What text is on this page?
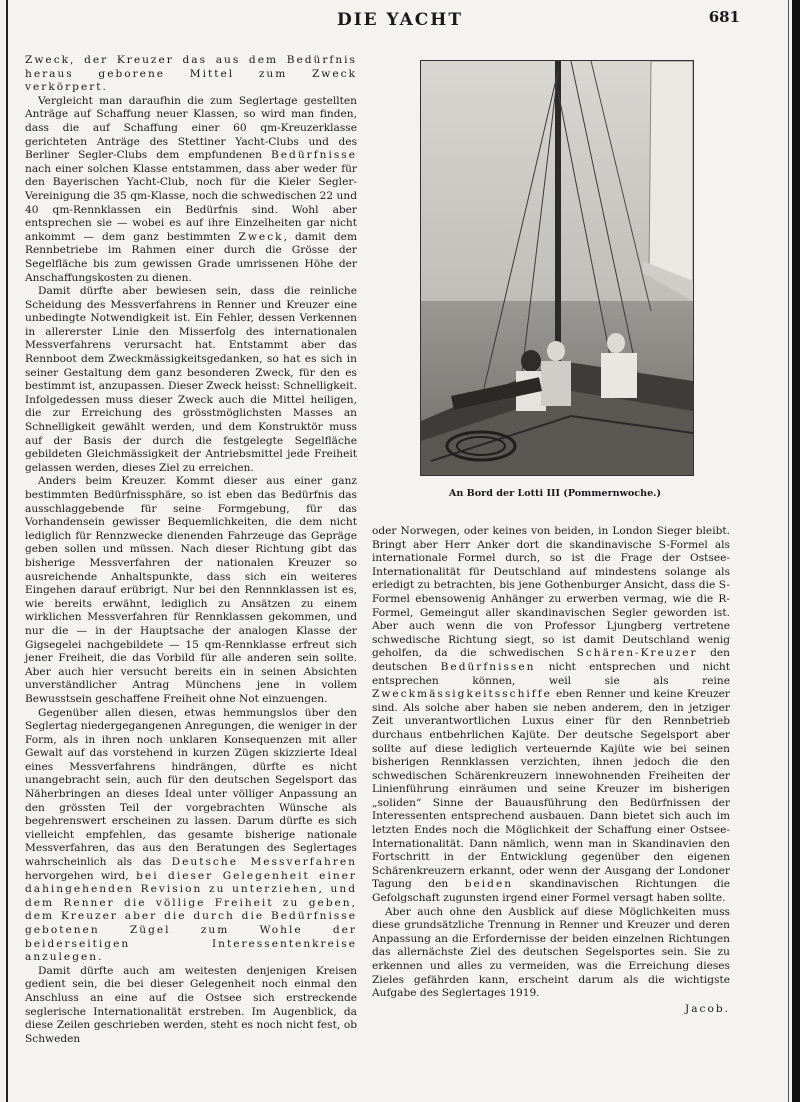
DIE YACHT	681

Zweck, der Kreuzer das aus dem Bedürfnis heraus geborene Mittel zum Zweck verkörpert.

Vergleicht man daraufhin die zum Seglertage gestellten Anträge auf Schaffung neuer Klassen, so wird man finden, dass die auf Schaffung einer 60 qm-Kreuzerklasse gerichteten Anträge des Stettiner Yacht-Clubs und des Berliner Segler-Clubs dem empfundenen Bedürfnisse nach einer solchen Klasse entstammen, dass aber weder für den Bayerischen Yacht-Club, noch für die Kieler Segler-Vereinigung die 35 qm-Klasse, noch die schwedischen 22 und 40 qm-Rennklassen ein Bedürfnis sind. Wohl aber entsprechen sie — wobei es auf ihre Einzelheiten gar nicht ankommt — dem ganz bestimmten Zweck, damit dem Rennbetriebe im Rahmen einer durch die Grösse der Segelfläche bis zum gewissen Grade umrissenen Höhe der Anschaffungskosten zu dienen.

Damit dürfte aber bewiesen sein, dass die reinliche Scheidung des Messverfahrens in Renner und Kreuzer eine unbedingte Notwendigkeit ist. Ein Fehler, dessen Verkennen in allererster Linie den Misserfolg des internationalen Messverfahrens verursacht hat. Entstammt aber das Rennboot dem Zweckmässigkeitsgedanken, so hat es sich in seiner Gestaltung dem ganz besonderen Zweck, für den es bestimmt ist, anzupassen. Dieser Zweck heisst: Schnelligkeit. Infolgedessen muss dieser Zweck auch die Mittel heiligen, die zur Erreichung des grösstmöglichsten Masses an Schnelligkeit gewählt werden, und dem Konstruktör muss auf der Basis der durch die festgelegte Segelfläche gebildeten Gleichmässigkeit der Antriebsmittel jede Freiheit gelassen werden, dieses Ziel zu erreichen.

Anders beim Kreuzer. Kommt dieser aus einer ganz bestimmten Bedürfnissphäre, so ist eben das Bedürfnis das ausschlaggebende für seine Formgebung, für das Vorhandensein gewisser Bequemlichkeiten, die dem nicht lediglich für Rennzwecke dienenden Fahrzeuge das Gepräge geben sollen und müssen. Nach dieser Richtung gibt das bisherige Messverfahren der nationalen Kreuzer so ausreichende Anhaltspunkte, dass sich ein weiteres Eingehen darauf erübrigt. Nur bei den Rennnklassen ist es, wie bereits erwähnt, lediglich zu Ansätzen zu einem wirklichen Messverfahren für Rennklassen gekommen, und nur die — in der Hauptsache der analogen Klasse der Gigsegelei nachgebildete — 15 qm-Rennklasse erfreut sich jener Freiheit, die das Vorbild für alle anderen sein sollte. Aber auch hier versucht bereits ein in seinen Absichten unverständlicher Antrag Münchens jene in vollem Bewusstsein geschaffene Freiheit ohne Not einzuengen.

Gegenüber allen diesen, etwas hemmungslos über den Seglertag niedergegangenen Anregungen, die weniger in der Form, als in ihren noch unklaren Konsequenzen mit aller Gewalt auf das vorstehend in kurzen Zügen skizzierte Ideal eines Messverfahrens hindrängen, dürfte es nicht unangebracht sein, auch für den deutschen Segelsport das Näherbringen an dieses Ideal unter völliger Anpassung an den grössten Teil der vorgebrachten Wünsche als begehrenswert erscheinen zu lassen. Darum dürfte es sich vielleicht empfehlen, das gesamte bisherige nationale Messverfahren, das aus den Beratungen des Seglertages wahrscheinlich als das Deutsche Messverfahren hervorgehen wird, bei dieser Gelegenheit einer dahingehenden Revision zu unterziehen, und dem Renner die völlige Freiheit zu geben, dem Kreuzer aber die durch die Bedürfnisse gebotenen Zügel zum Wohle der beiderseitigen Interessentenkreise anzulegen.

Damit dürfte auch am weitesten denjenigen Kreisen gedient sein, die bei dieser Gelegenheit noch einmal den Anschluss an eine auf die Ostsee sich erstreckende seglerische Internationalität erstreben. Im Augenblick, da diese Zeilen geschrieben werden, steht es noch nicht fest, ob Schweden

An Bord der Lotti III (Pommernwoche.)

oder Norwegen, oder keines von beiden, in London Sieger bleibt. Bringt aber Herr Anker dort die skandinavische S-Formel als internationale Formel durch, so ist die Frage der Ostsee-Internationalität für Deutschland auf mindestens solange als erledigt zu betrachten, bis jene Gothenburger Ansicht, dass die S-Formel ebensowenig Anhänger zu erwerben vermag, wie die R-Formel, Gemeingut aller skandinavischen Segler geworden ist. Aber auch wenn die von Professor Ljungberg vertretene schwedische Richtung siegt, so ist damit Deutschland wenig geholfen, da die schwedischen Schären-Kreuzer den deutschen Bedürfnissen nicht entsprechen und nicht entsprechen können, weil sie als reine Zweckmässigkeitsschiffe eben Renner und keine Kreuzer sind. Als solche aber haben sie neben anderem, den in jetziger Zeit unverantwortlichen Luxus einer für den Rennbetrieb durchaus entbehrlichen Kajüte. Der deutsche Segelsport aber sollte auf diese lediglich verteuernde Kajüte wie bei seinen bisherigen Rennklassen verzichten, ihnen jedoch die den schwedischen Schärenkreuzern innewohnenden Freiheiten der Linienführung einräumen und seine Kreuzer im bisherigen „soliden“ Sinne der Bauausführung den Bedürfnissen der Interessenten entsprechend ausbauen. Dann bietet sich auch im letzten Endes noch die Möglichkeit der Schaffung einer Ostsee-Internationalität. Dann nämlich, wenn man in Skandinavien den Fortschritt in der Entwicklung gegenüber den eigenen Schärenkreuzern erkannt, oder wenn der Ausgang der Londoner Tagung den beiden skandinavischen Richtungen die Gefolgschaft zugunsten irgend einer Formel versagt haben sollte.

Aber auch ohne den Ausblick auf diese Möglichkeiten muss diese grundsätzliche Trennung in Renner und Kreuzer und deren Anpassung an die Erfordernisse der beiden einzelnen Richtungen das allernächste Ziel des deutschen Segelsportes sein. Sie zu erkennen und alles zu vermeiden, was die Erreichung dieses Zieles gefährden kann, erscheint darum als die wichtigste Aufgabe des Seglertages 1919.

Jacob.
